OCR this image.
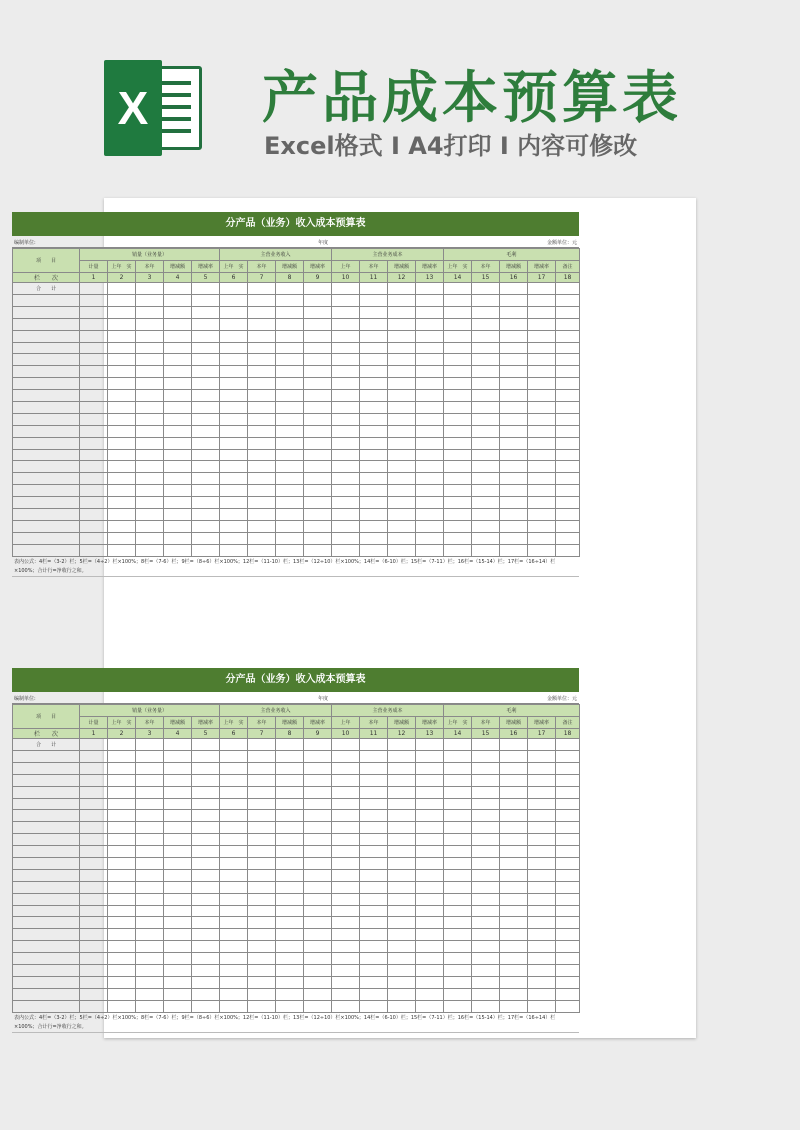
X 产品成本预算表
Excel格式 I A4打印 I 内容可修改
分产品（业务）收入成本预算表
编制单位:	年度	金额单位：元
项　　目	销量（业务量）					主营业务收入				主营业务成本				毛利				
	计量	上年　 实	本年	增减额	增减率	上年　 实	本年	增减额	增减率	上年	本年	增减额	增减率	上年　 实	本年	增减额	增减率	备注
栏　　次	1	2	3	4	5	6	7	8	9	10	11	12	13	14	15	16	17	18
合　　计																		

表内公式：4栏=（3-2）栏；5栏=（4÷2）栏×100%；8栏=（7-6）栏；9栏=（8÷6）栏×100%；12栏=（11-10）栏；13栏=（12÷10）栏×100%；14栏=（6-10）栏；15栏=（7-11）栏；16栏=（15-14）栏；17栏=（16÷14）栏×100%；合计行=净收行之和。
分产品（业务）收入成本预算表
编制单位:	年度	金额单位：元
项　　目	销量（业务量）					主营业务收入				主营业务成本				毛利				
	计量	上年　 实	本年	增减额	增减率	上年　 实	本年	增减额	增减率	上年	本年	增减额	增减率	上年　 实	本年	增减额	增减率	备注
栏　　次	1	2	3	4	5	6	7	8	9	10	11	12	13	14	15	16	17	18
合　　计																		

表内公式：4栏=（3-2）栏；5栏=（4÷2）栏×100%；8栏=（7-6）栏；9栏=（8÷6）栏×100%；12栏=（11-10）栏；13栏=（12÷10）栏×100%；14栏=（6-10）栏；15栏=（7-11）栏；16栏=（15-14）栏；17栏=（16÷14）栏×100%；合计行=净收行之和。
